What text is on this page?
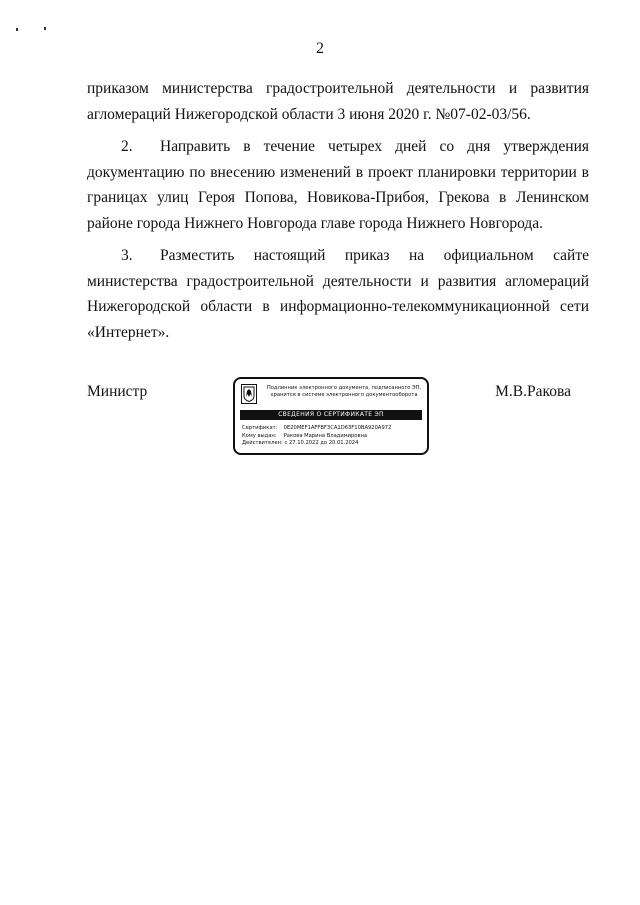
2

приказом министерства градостроительной деятельности и развития агломераций Нижегородской области 3 июня 2020 г. №07-02-03/56.

2. Направить в течение четырех дней со дня утверждения документацию по внесению изменений в проект планировки территории в границах улиц Героя Попова, Новикова-Прибоя, Грекова в Ленинском районе города Нижнего Новгорода главе города Нижнего Новгорода.

3. Разместить настоящий приказ на официальном сайте министерства градостроительной деятельности и развития агломераций Нижегородской области в информационно-телекоммуникационной сети «Интернет».

Министр	Подлинник электронного документа, подписанного ЭП, хранится в системе электронного документооборота
СВЕДЕНИЯ О СЕРТИФИКАТЕ ЭП
Сертификат: 0E20MEF1AFFBF3CA1D63F10BA920A972
Кому выдан: Ракова Марина Владимировна
Действителен: с 27.10.2022 до 20.01.2024
М.В.Ракова
